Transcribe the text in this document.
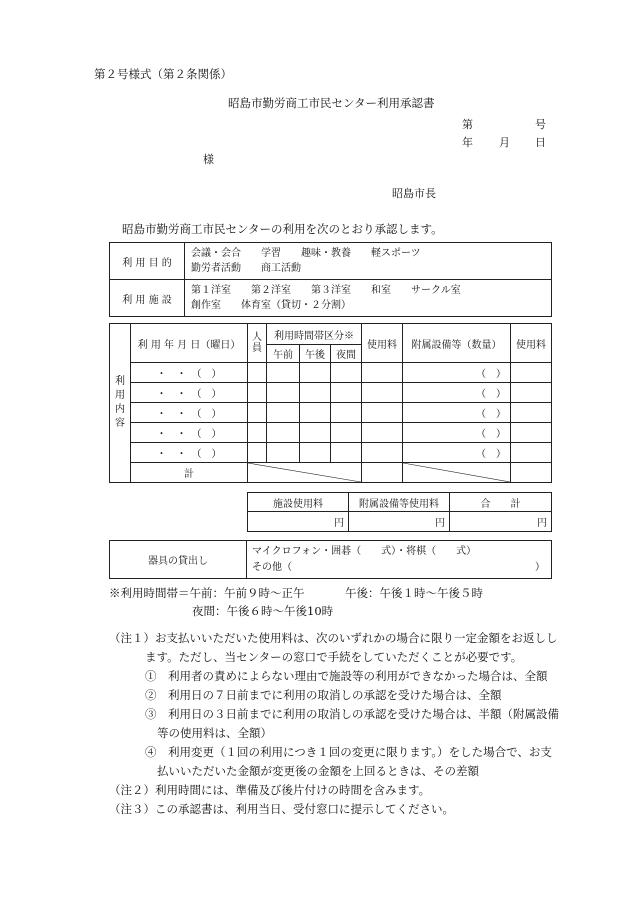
第２号様式（第２条関係）
昭島市勤労商工市民センター利用承認書
第	号
年 月 日
様
昭島市長
昭島市勤労商工市民センターの利用を次のとおり承認します。
利 用 目 的	会議・会合　　学習　　趣味・教養　　軽スポーツ
勤労者活動　　商工活動

利 用 施 設	第１洋室　　第２洋室　　第３洋室　　和室　　サークル室
創作室　　体育室（貸切・２分割）
利用内容	利 用 年 月 日（曜日）	人員	利用時間帯区分※			使用料	附属設備等（数量）	使用料
			午前	午後	夜間			
	・　・　（　）						（　）	
	・　・　（　）						（　）	
	・　・　（　）						（　）	
	・　・　（　）						（　）	
	・　・　（　）						（　）	
	計	

施設使用料	附属設備等使用料	合　　計
円	円	円
器具の貸出し	
マイクロフォン・囲碁（　　式）・将棋（　　式）
その他（	）
※利用時間帯＝午前：午前９時～正午	午後：午後１時～午後５時
夜間：午後６時～午後10時
（注１）お支払いいただいた使用料は、次のいずれかの場合に限り一定金額をお返しし
ます。ただし、当センターの窓口で手続をしていただくことが必要です。
①　利用者の責めによらない理由で施設等の利用ができなかった場合は、全額
②　利用日の７日前までに利用の取消しの承認を受けた場合は、全額
③　利用日の３日前までに利用の取消しの承認を受けた場合は、半額（附属設備
等の使用料は、全額）
④　利用変更（１回の利用につき１回の変更に限ります。）をした場合で、お支
払いいただいた金額が変更後の金額を上回るときは、その差額
（注２）利用時間には、準備及び後片付けの時間を含みます。
（注３）この承認書は、利用当日、受付窓口に提示してください。
